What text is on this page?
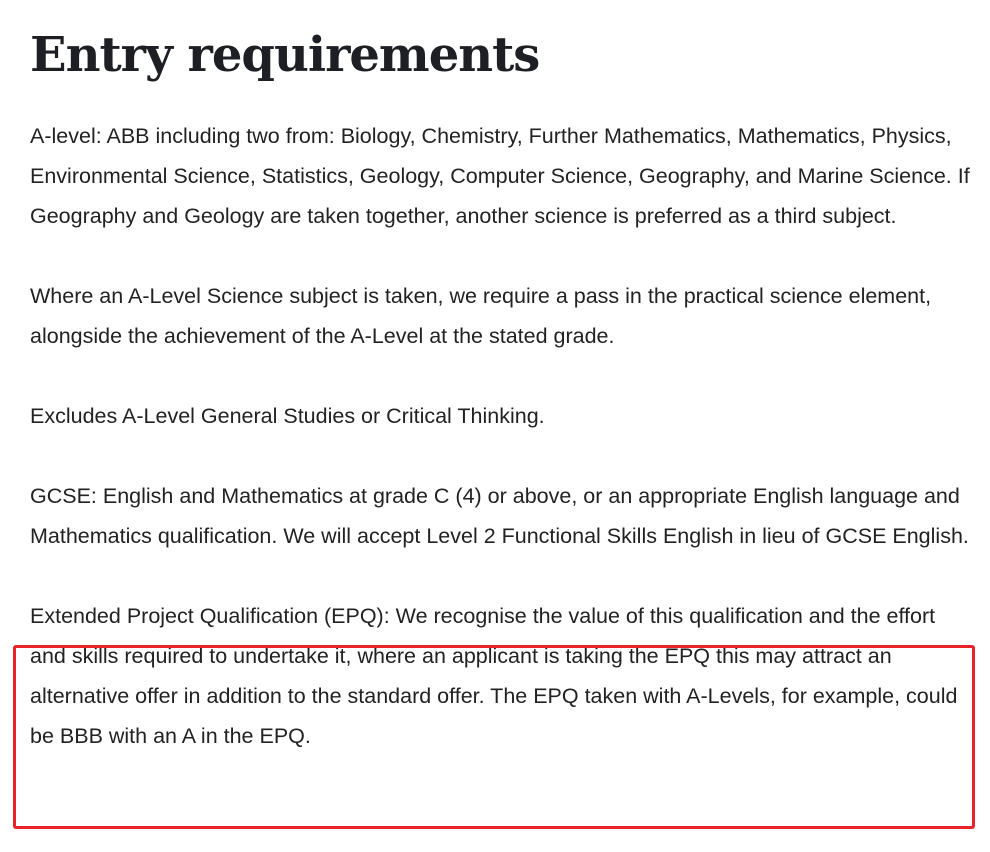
Entry requirements

A-level: ABB including two from: Biology, Chemistry, Further Mathematics, Mathematics, Physics, Environmental Science, Statistics, Geology, Computer Science, Geography, and Marine Science. If Geography and Geology are taken together, another science is preferred as a third subject.

Where an A-Level Science subject is taken, we require a pass in the practical science element, alongside the achievement of the A-Level at the stated grade.

Excludes A-Level General Studies or Critical Thinking.

GCSE: English and Mathematics at grade C (4) or above, or an appropriate English language and Mathematics qualification. We will accept Level 2 Functional Skills English in lieu of GCSE English.

Extended Project Qualification (EPQ): We recognise the value of this qualification and the effort and skills required to undertake it, where an applicant is taking the EPQ this may attract an alternative offer in addition to the standard offer. The EPQ taken with A-Levels, for example, could be BBB with an A in the EPQ.
